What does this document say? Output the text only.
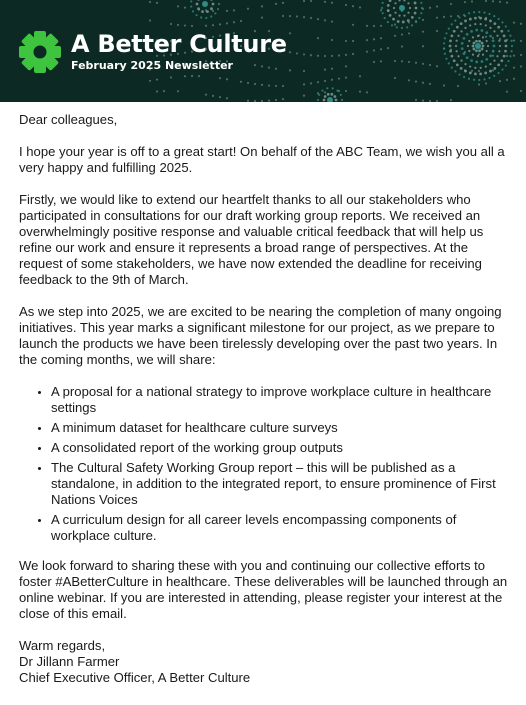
A Better Culture
February 2025 Newsletter

Dear colleagues,

I hope your year is off to a great start! On behalf of the ABC Team, we wish you all a very happy and fulfilling 2025.

Firstly, we would like to extend our heartfelt thanks to all our stakeholders who participated in consultations for our draft working group reports. We received an overwhelmingly positive response and valuable critical feedback that will help us refine our work and ensure it represents a broad range of perspectives. At the request of some stakeholders, we have now extended the deadline for receiving feedback to the 9th of March.

As we step into 2025, we are excited to be nearing the completion of many ongoing initiatives. This year marks a significant milestone for our project, as we prepare to launch the products we have been tirelessly developing over the past two years. In the coming months, we will share:

• A proposal for a national strategy to improve workplace culture in healthcare settings
• A minimum dataset for healthcare culture surveys
• A consolidated report of the working group outputs
• The Cultural Safety Working Group report – this will be published as a standalone, in addition to the integrated report, to ensure prominence of First Nations Voices
• A curriculum design for all career levels encompassing components of workplace culture.

We look forward to sharing these with you and continuing our collective efforts to foster #ABetterCulture in healthcare. These deliverables will be launched through an online webinar. If you are interested in attending, please register your interest at the close of this email.

Warm regards,

Dr Jillann Farmer

Chief Executive Officer, A Better Culture
